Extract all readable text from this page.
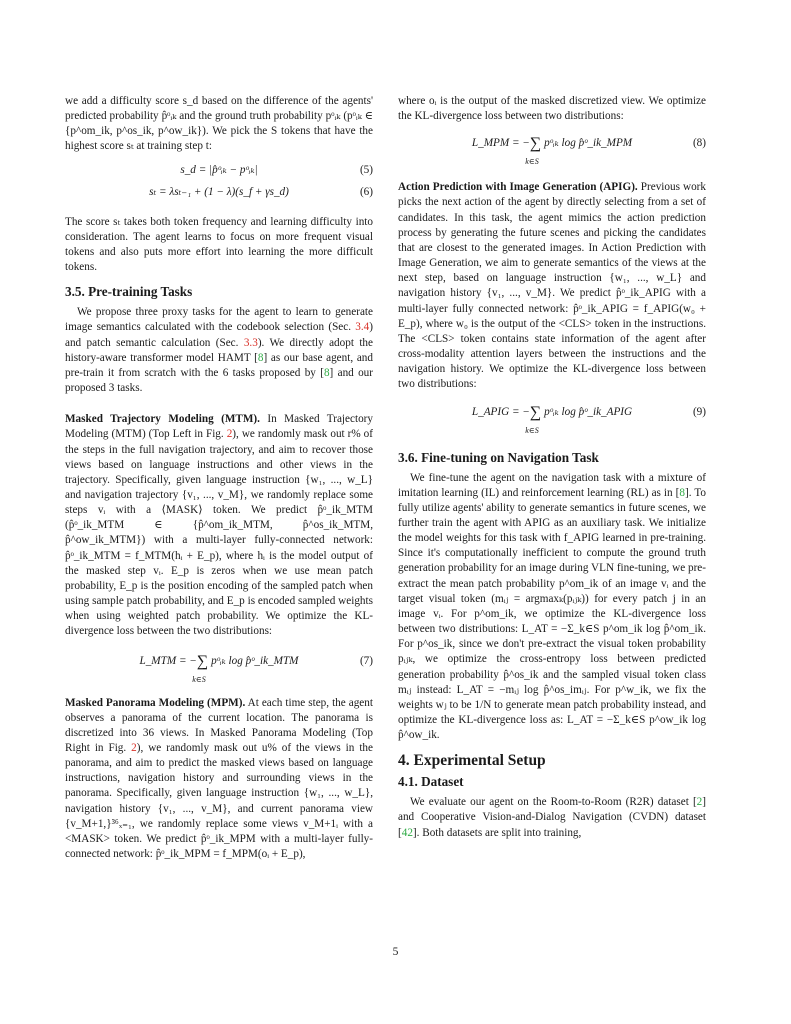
we add a difficulty score s_d based on the difference of the agents' predicted probability p̂ᵒᵢₖ and the ground truth probability pᵒᵢₖ (pᵒᵢₖ ∈ {p^om_ik, p^os_ik, p^ow_ik}). We pick the S tokens that have the highest score sₜ at training step t:

s_d = |p̂ᵒᵢₖ − pᵒᵢₖ|	(5)
sₜ = λsₜ₋₁ + (1 − λ)(s_f + γs_d)	(6)

The score sₜ takes both token frequency and learning difficulty into consideration. The agent learns to focus on more frequent visual tokens and also puts more effort into learning the more difficult tokens.

3.5. Pre-training Tasks

We propose three proxy tasks for the agent to learn to generate image semantics calculated with the codebook selection (Sec. 3.4) and patch semantic calculation (Sec. 3.3). We directly adopt the history-aware transformer model HAMT [8] as our base agent, and pre-train it from scratch with the 6 tasks proposed by [8] and our proposed 3 tasks.

Masked Trajectory Modeling (MTM). In Masked Trajectory Modeling (MTM) (Top Left in Fig. 2), we randomly mask out r% of the steps in the full navigation trajectory, and aim to recover those views based on language instructions and other views in the trajectory. Specifically, given language instruction {w₁, ..., w_L} and navigation trajectory {v₁, ..., v_M}, we randomly replace some steps vᵢ with a ⟨MASK⟩ token. We predict p̂ᵒ_ik_MTM (p̂ᵒ_ik_MTM ∈ {p̂^om_ik_MTM, p̂^os_ik_MTM, p̂^ow_ik_MTM}) with a multi-layer fully-connected network: p̂ᵒ_ik_MTM = f_MTM(hᵢ + E_p), where hᵢ is the model output of the masked step vᵢ. E_p is zeros when we use mean patch probability, E_p is the position encoding of the sampled patch when using sample patch probability, and E_p is encoded sampled weights when using weighted patch probability. We optimize the KL-divergence loss between the two distributions:

L_MTM = −∑ pᵒᵢₖ log p̂ᵒ_ik_MTM
k∈S
(7)

Masked Panorama Modeling (MPM). At each time step, the agent observes a panorama of the current location. The panorama is discretized into 36 views. In Masked Panorama Modeling (Top Right in Fig. 2), we randomly mask out u% of the views in the panorama, and aim to predict the masked views based on language instructions, navigation history and surrounding views in the panorama. Specifically, given language instruction {w₁, ..., w_L}, navigation history {v₁, ..., v_M}, and current panorama view {v_M+1,}³⁶ₓ₌₁, we randomly replace some views v_M+1ᵢ with a <MASK> token. We predict p̂ᵒ_ik_MPM with a multi-layer fully-connected network: p̂ᵒ_ik_MPM = f_MPM(oᵢ + E_p),

where oᵢ is the output of the masked discretized view. We optimize the KL-divergence loss between two distributions:

L_MPM = −∑ pᵒᵢₖ log p̂ᵒ_ik_MPM
k∈S
(8)

Action Prediction with Image Generation (APIG). Previous work picks the next action of the agent by directly selecting from a set of candidates. In this task, the agent mimics the action prediction process by generating the future scenes and picking the candidates that are closest to the generated images. In Action Prediction with Image Generation, we aim to generate semantics of the views at the next step, based on language instruction {w₁, ..., w_L} and navigation history {v₁, ..., v_M}. We predict p̂ᵒ_ik_APIG with a multi-layer fully connected network: p̂ᵒ_ik_APIG = f_APIG(w₀ + E_p), where w₀ is the output of the <CLS> token in the instructions. The <CLS> token contains state information of the agent after cross-modality attention layers between the instructions and the navigation history. We optimize the KL-divergence loss between two distributions:

L_APIG = −∑ pᵒᵢₖ log p̂ᵒ_ik_APIG
k∈S
(9)
3.6. Fine-tuning on Navigation Task

We fine-tune the agent on the navigation task with a mixture of imitation learning (IL) and reinforcement learning (RL) as in [8]. To fully utilize agents' ability to generate semantics in future scenes, we further train the agent with APIG as an auxiliary task. We initialize the model weights for this task with f_APIG learned in pre-training. Since it's computationally inefficient to compute the ground truth generation probability for an image during VLN fine-tuning, we pre-extract the mean patch probability p^om_ik of an image vᵢ and the target visual token (mᵢⱼ = argmaxₖ(pᵢⱼₖ)) for every patch j in an image vᵢ. For p^om_ik, we optimize the KL-divergence loss between two distributions: L_AT = −Σ_k∈S p^om_ik log p̂^om_ik. For p^os_ik, since we don't pre-extract the visual token probability pᵢⱼₖ, we optimize the cross-entropy loss between predicted generation probability p̂^os_ik and the sampled visual token class mᵢⱼ instead: L_AT = −mᵢⱼ log p̂^os_imᵢⱼ. For p^w_ik, we fix the weights wⱼ to be 1/N to generate mean patch probability instead, and optimize the KL-divergence loss as: L_AT = −Σ_k∈S p^ow_ik log p̂^ow_ik.

4. Experimental Setup
4.1. Dataset

We evaluate our agent on the Room-to-Room (R2R) dataset [2] and Cooperative Vision-and-Dialog Navigation (CVDN) dataset [42]. Both datasets are split into training,

5
